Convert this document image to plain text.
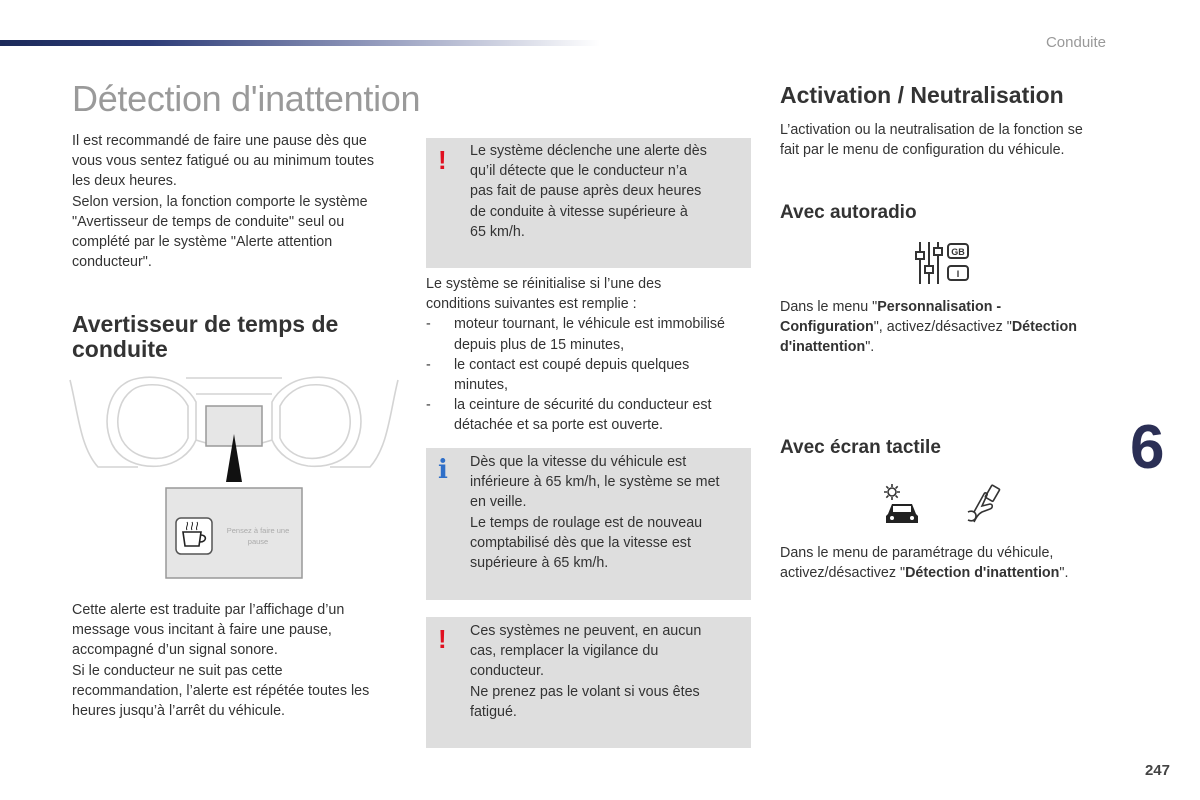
Conduite
Détection d'inattention

Il est recommandé de faire une pause dès que

vous vous sentez fatigué ou au minimum toutes

les deux heures.

Selon version, la fonction comporte le système

"Avertisseur de temps de conduite" seul ou

complété par le système "Alerte attention

conducteur".

Avertisseur de temps de
conduite
Pensez à faire une
pause

Cette alerte est traduite par l’affichage d’un

message vous incitant à faire une pause,

accompagné d’un signal sonore.

Si le conducteur ne suit pas cette

recommandation, l’alerte est répétée toutes les

heures jusqu’à l’arrêt du véhicule.

! Le système déclenche une alerte dès

qu’il détecte que le conducteur n’a

pas fait de pause après deux heures

de conduite à vitesse supérieure à

65 km/h.

Le système se réinitialise si l’une des

conditions suivantes est remplie :

- moteur tournant, le véhicule est immobilisé
depuis plus de 15 minutes,
- le contact est coupé depuis quelques
minutes,
- la ceinture de sécurité du conducteur est
détachée et sa porte est ouverte.
i Dès que la vitesse du véhicule est

inférieure à 65 km/h, le système se met

en veille.

Le temps de roulage est de nouveau

comptabilisé dès que la vitesse est

supérieure à 65 km/h.

! Ces systèmes ne peuvent, en aucun

cas, remplacer la vigilance du

conducteur.

Ne prenez pas le volant si vous êtes

fatigué.

Activation / Neutralisation

L’activation ou la neutralisation de la fonction se

fait par le menu de configuration du véhicule.

Avec autoradio
GB
I

Dans le menu "Personnalisation -

Configuration", activez/désactivez "Détection

d'inattention".

Avec écran tactile

Dans le menu de paramétrage du véhicule,

activez/désactivez "Détection d'inattention".

6
247
